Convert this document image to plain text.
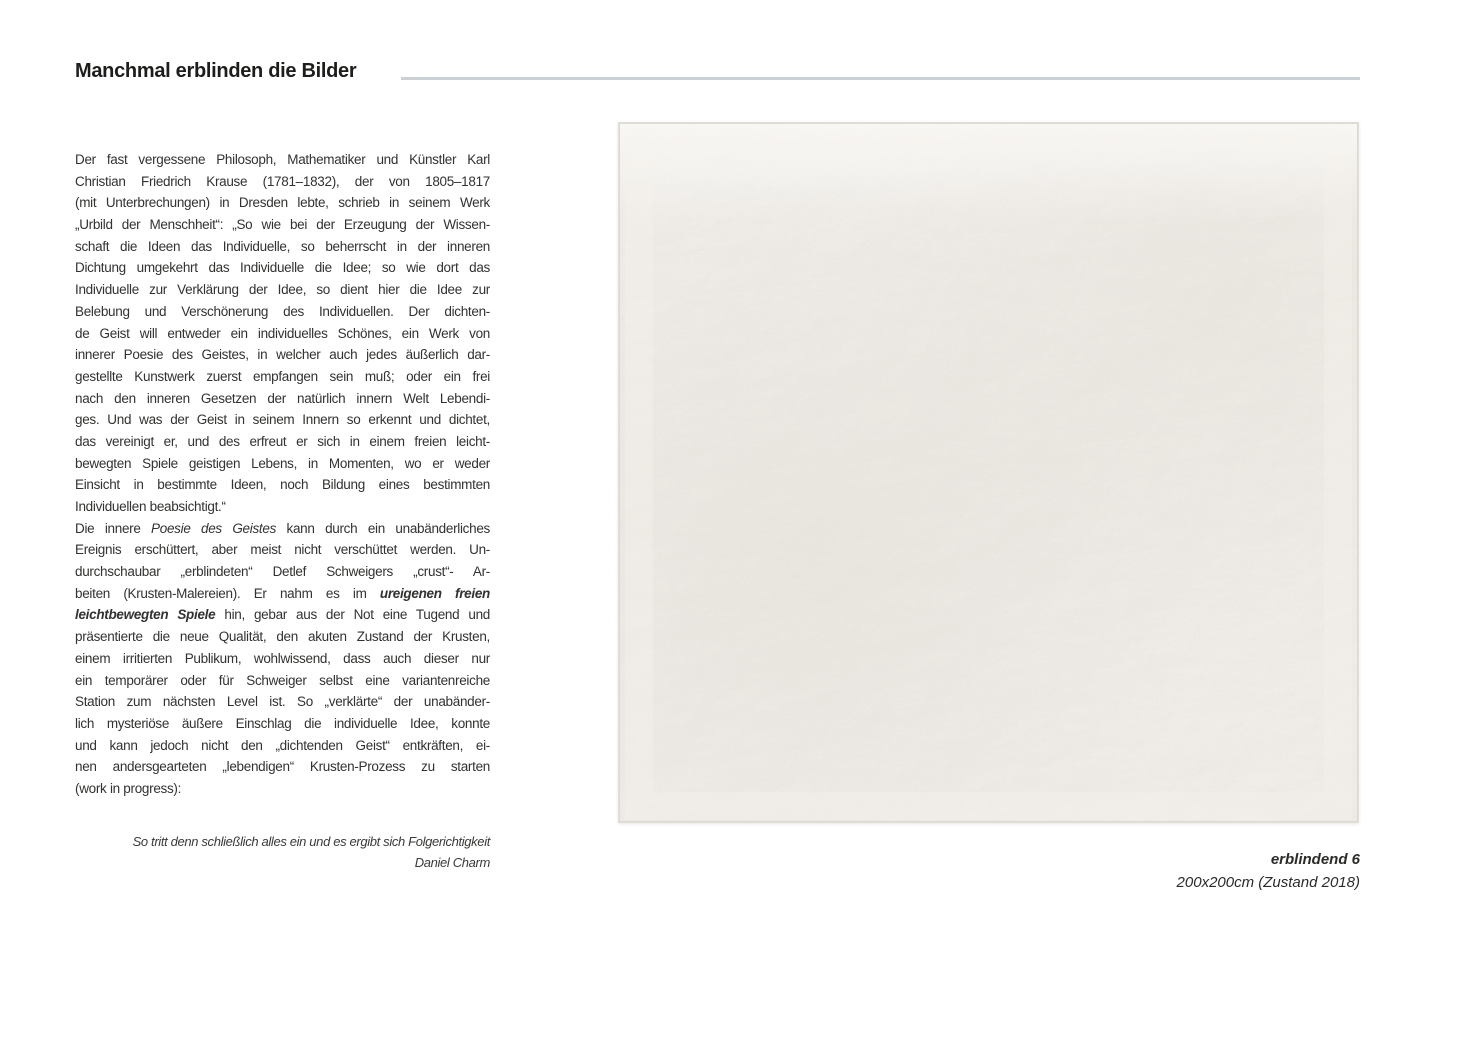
Manchmal erblinden die Bilder
Der fast vergessene Philosoph, Mathematiker und Künstler Karl
Christian Friedrich Krause (1781–1832), der von 1805–1817
(mit Unterbrechungen) in Dresden lebte, schrieb in seinem Werk
„Urbild der Menschheit“: „So wie bei der Erzeugung der Wissen-
schaft die Ideen das Individuelle, so beherrscht in der inneren
Dichtung umgekehrt das Individuelle die Idee; so wie dort das
Individuelle zur Verklärung der Idee, so dient hier die Idee zur
Belebung und Verschönerung des Individuellen. Der dichten-
de Geist will entweder ein individuelles Schönes, ein Werk von
innerer Poesie des Geistes, in welcher auch jedes äußerlich dar-
gestellte Kunstwerk zuerst empfangen sein muß; oder ein frei
nach den inneren Gesetzen der natürlich innern Welt Lebendi-
ges. Und was der Geist in seinem Innern so erkennt und dichtet,
das vereinigt er, und des erfreut er sich in einem freien leicht-
bewegten Spiele geistigen Lebens, in Momenten, wo er weder
Einsicht in bestimmte Ideen, noch Bildung eines bestimmten
Individuellen beabsichtigt.“
Die innere Poesie des Geistes kann durch ein unabänderliches
Ereignis erschüttert, aber meist nicht verschüttet werden. Un-
durchschaubar „erblindeten“ Detlef Schweigers „crust“- Ar-
beiten (Krusten-Malereien). Er nahm es im ureigenen freien
leichtbewegten Spiele hin, gebar aus der Not eine Tugend und
präsentierte die neue Qualität, den akuten Zustand der Krusten,
einem irritierten Publikum, wohlwissend, dass auch dieser nur
ein temporärer oder für Schweiger selbst eine variantenreiche
Station zum nächsten Level ist. So „verklärte“ der unabänder-
lich mysteriöse äußere Einschlag die individuelle Idee, konnte
und kann jedoch nicht den „dichtenden Geist“ entkräften, ei-
nen andersgearteten „lebendigen“ Krusten-Prozess zu starten
(work in progress):
So tritt denn schließlich alles ein und es ergibt sich Folgerichtigkeit
Daniel Charm	erblindend 6
200x200cm (Zustand 2018)
